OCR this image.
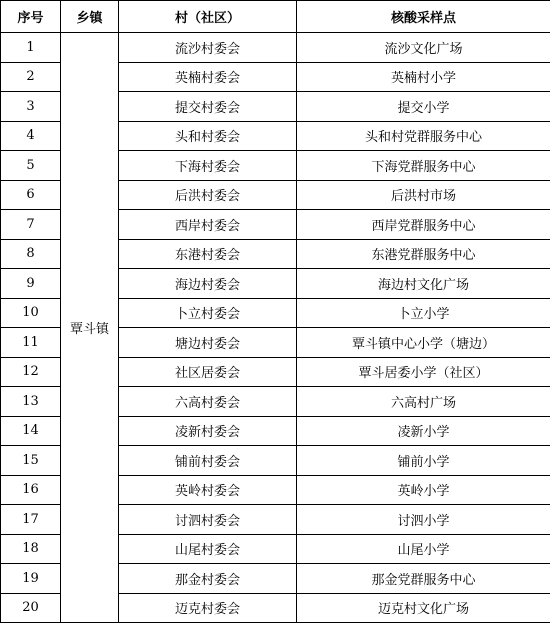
序号	乡镇	村（社区）	核酸采样点
1	覃斗镇	流沙村委会	流沙文化广场
2		英楠村委会	英楠村小学
3		提交村委会	提交小学
4		头和村委会	头和村党群服务中心
5		下海村委会	下海党群服务中心
6		后洪村委会	后洪村市场
7		西岸村委会	西岸党群服务中心
8		东港村委会	东港党群服务中心
9		海边村委会	海边村文化广场
10		卜立村委会	卜立小学
11		塘边村委会	覃斗镇中心小学（塘边）
12		社区居委会	覃斗居委小学（社区）
13		六高村委会	六高村广场
14		凌新村委会	凌新小学
15		铺前村委会	铺前小学
16		英岭村委会	英岭小学
17		讨泗村委会	讨泗小学
18		山尾村委会	山尾小学
19		那金村委会	那金党群服务中心
20		迈克村委会	迈克村文化广场
